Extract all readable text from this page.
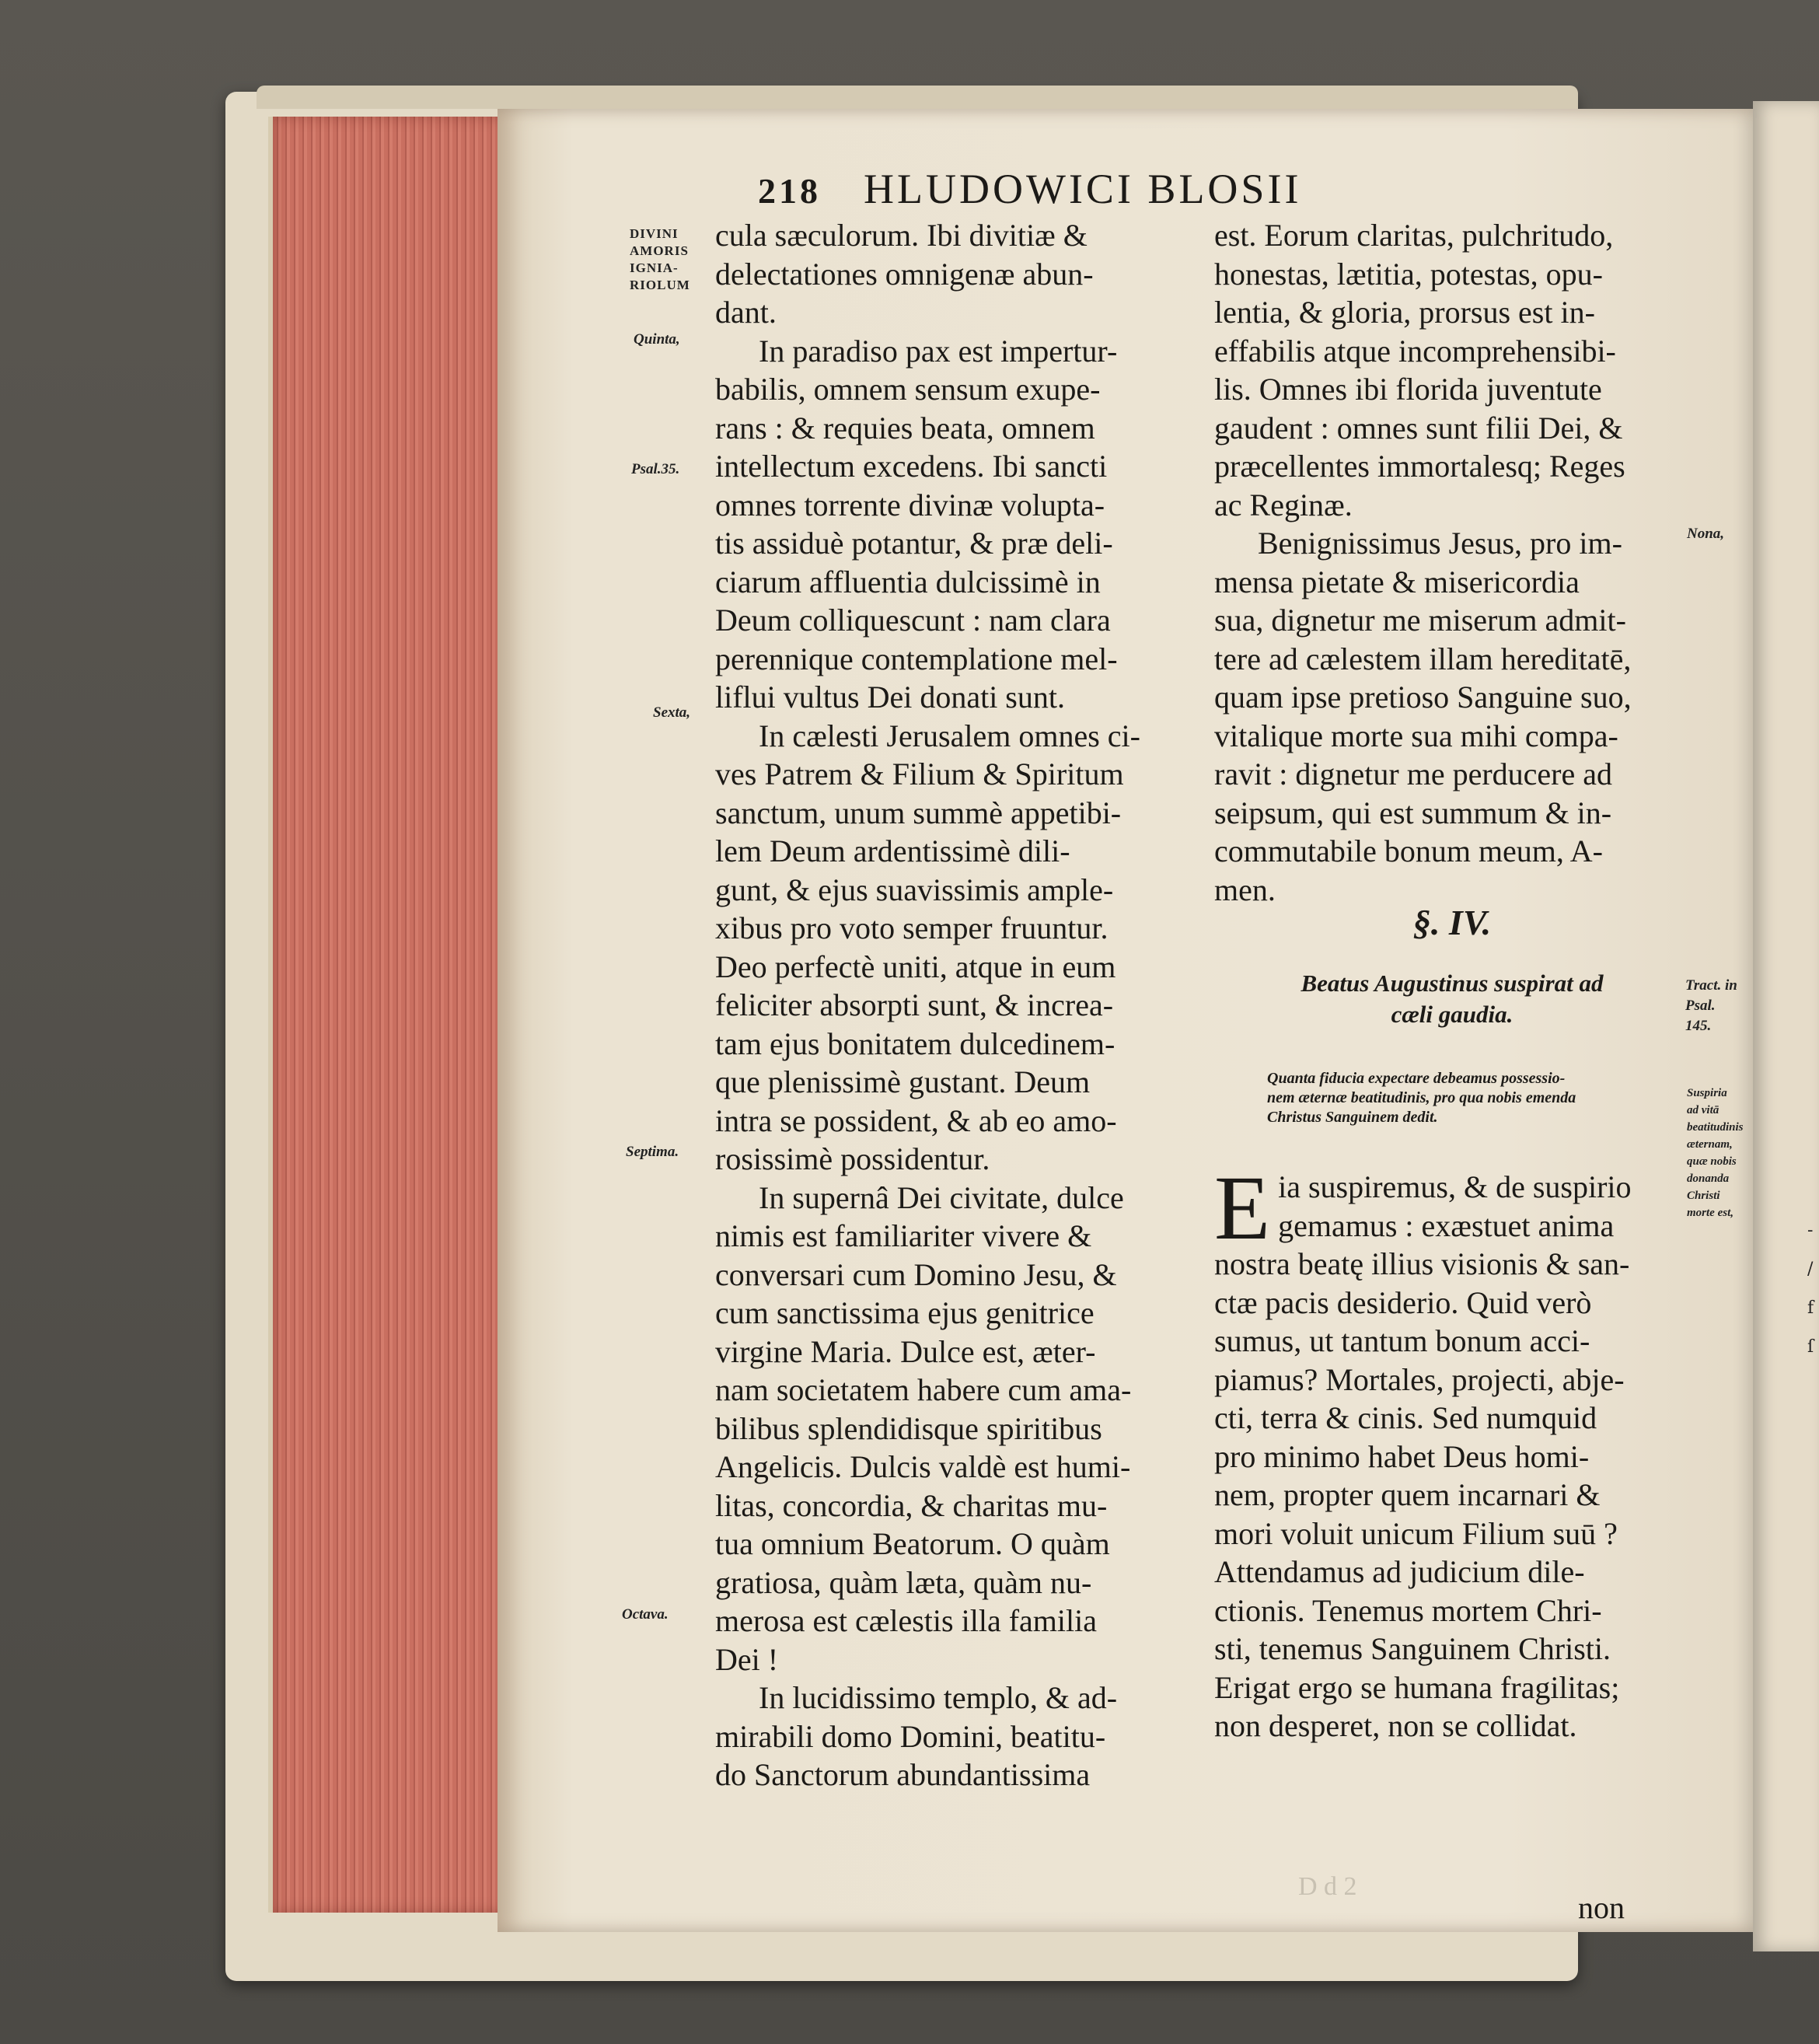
-
/
f
ſ
218 HLUDOWICI BLOSII
DIVINI
AMORIS
IGNIA-
RIOLUM
Quinta,
Psal.35.
Sexta,
Septima.
Octava.
cula sæculorum. Ibi divitiæ &
delectationes omnigenæ abun-
dant.
In paradiso pax est impertur-
babilis, omnem sensum exupe-
rans : & requies beata, omnem
intellectum excedens. Ibi sancti
omnes torrente divinæ volupta-
tis assiduè potantur, & præ deli-
ciarum affluentia dulcissimè in
Deum colliquescunt : nam clara
perennique contemplatione mel-
liflui vultus Dei donati sunt.
In cælesti Jerusalem omnes ci-
ves Patrem & Filium & Spiritum
sanctum, unum summè appetibi-
lem Deum ardentissimè dili-
gunt, & ejus suavissimis ample-
xibus pro voto semper fruuntur.
Deo perfectè uniti, atque in eum
feliciter absorpti sunt, & increa-
tam ejus bonitatem dulcedinem-
que plenissimè gustant. Deum
intra se possident, & ab eo amo-
rosissimè possidentur.
In supernâ Dei civitate, dulce
nimis est familiariter vivere &
conversari cum Domino Jesu, &
cum sanctissima ejus genitrice
virgine Maria. Dulce est, æter-
nam societatem habere cum ama-
bilibus splendidisque spiritibus
Angelicis. Dulcis valdè est humi-
litas, concordia, & charitas mu-
tua omnium Beatorum. O quàm
gratiosa, quàm læta, quàm nu-
merosa est cælestis illa familia
Dei !
In lucidissimo templo, & ad-
mirabili domo Domini, beatitu-
do Sanctorum abundantissima
est. Eorum claritas, pulchritudo,
honestas, lætitia, potestas, opu-
lentia, & gloria, prorsus est in-
effabilis atque incomprehensibi-
lis. Omnes ibi florida juventute
gaudent : omnes sunt filii Dei, &
præcellentes immortalesq; Reges
ac Reginæ.
Benignissimus Jesus, pro im-
mensa pietate & misericordia
sua, dignetur me miserum admit-
tere ad cælestem illam hereditatē,
quam ipse pretioso Sanguine suo,
vitalique morte sua mihi compa-
ravit : dignetur me perducere ad
seipsum, qui est summum & in-
commutabile bonum meum, A-
men.
§. IV.
Beatus Augustinus suspirat ad
cæli gaudia.
Quanta fiducia expectare debeamus possessio-
nem æternæ beatitudinis, pro qua nobis emenda
Christus Sanguinem dedit.
E ia suspiremus, & de suspirio
gemamus : exæstuet anima
nostra beatę illius visionis & san-
ctæ pacis desiderio. Quid verò
sumus, ut tantum bonum acci-
piamus? Mortales, projecti, abje-
cti, terra & cinis. Sed numquid
pro minimo habet Deus homi-
nem, propter quem incarnari &
mori voluit unicum Filium suū ?
Attendamus ad judicium dile-
ctionis. Tenemus mortem Chri-
sti, tenemus Sanguinem Christi.
Erigat ergo se humana fragilitas;
non desperet, non se collidat.
D d 2
non
Nona,
Tract. in Psal. 145.
Suspiria ad vitā beatitudinis æternam, quæ nobis donanda Christi morte est,
